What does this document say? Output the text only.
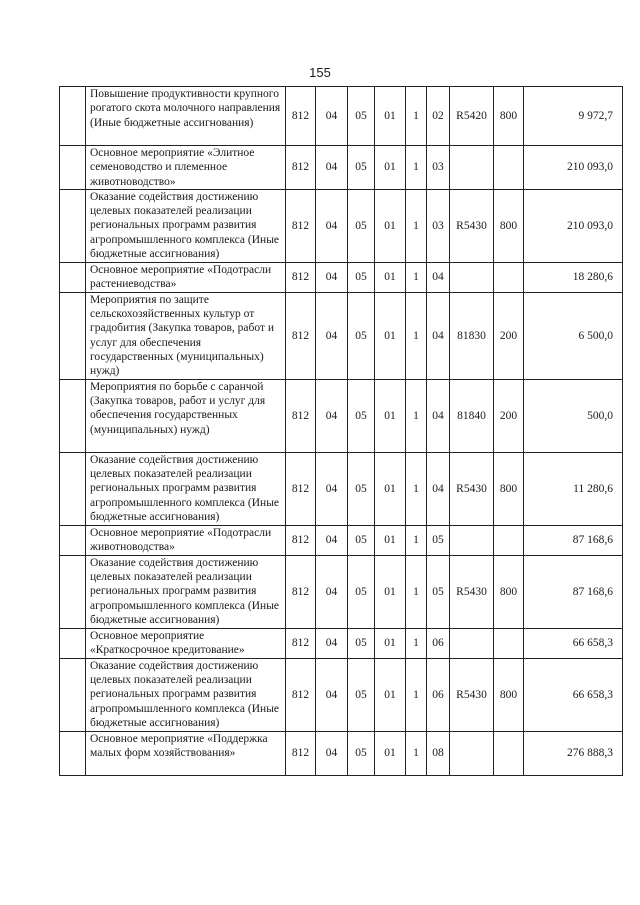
155
	Повышение продуктивности крупного рогатого скота молочного направления (Иные бюджетные ассигнования)	812	04	05	01	1	02	R5420	800	9 972,7
	Основное мероприятие «Элитное семеноводство и племенное животноводство»	812	04	05	01	1	03			210 093,0
	Оказание содействия достижению целевых показателей реализации региональных программ развития агропромышленного комплекса (Иные бюджетные ассигнования)	812	04	05	01	1	03	R5430	800	210 093,0
	Основное мероприятие «Подотрасли растениеводства»	812	04	05	01	1	04			18 280,6
	Мероприятия по защите сельскохозяйственных культур от градобития (Закупка товаров, работ и услуг для обеспечения государственных (муниципальных) нужд)	812	04	05	01	1	04	81830	200	6 500,0
	Мероприятия по борьбе с саранчой (Закупка товаров, работ и услуг для обеспечения государственных (муниципальных) нужд)	812	04	05	01	1	04	81840	200	500,0
	Оказание содействия достижению целевых показателей реализации региональных программ развития агропромышленного комплекса (Иные бюджетные ассигнования)	812	04	05	01	1	04	R5430	800	11 280,6
	Основное мероприятие «Подотрасли животноводства»	812	04	05	01	1	05			87 168,6
	Оказание содействия достижению целевых показателей реализации региональных программ развития агропромышленного комплекса (Иные бюджетные ассигнования)	812	04	05	01	1	05	R5430	800	87 168,6
	Основное мероприятие «Краткосрочное кредитование»	812	04	05	01	1	06			66 658,3
	Оказание содействия достижению целевых показателей реализации региональных программ развития агропромышленного комплекса (Иные бюджетные ассигнования)	812	04	05	01	1	06	R5430	800	66 658,3
	Основное мероприятие «Поддержка малых форм хозяйствования»	812	04	05	01	1	08			276 888,3
